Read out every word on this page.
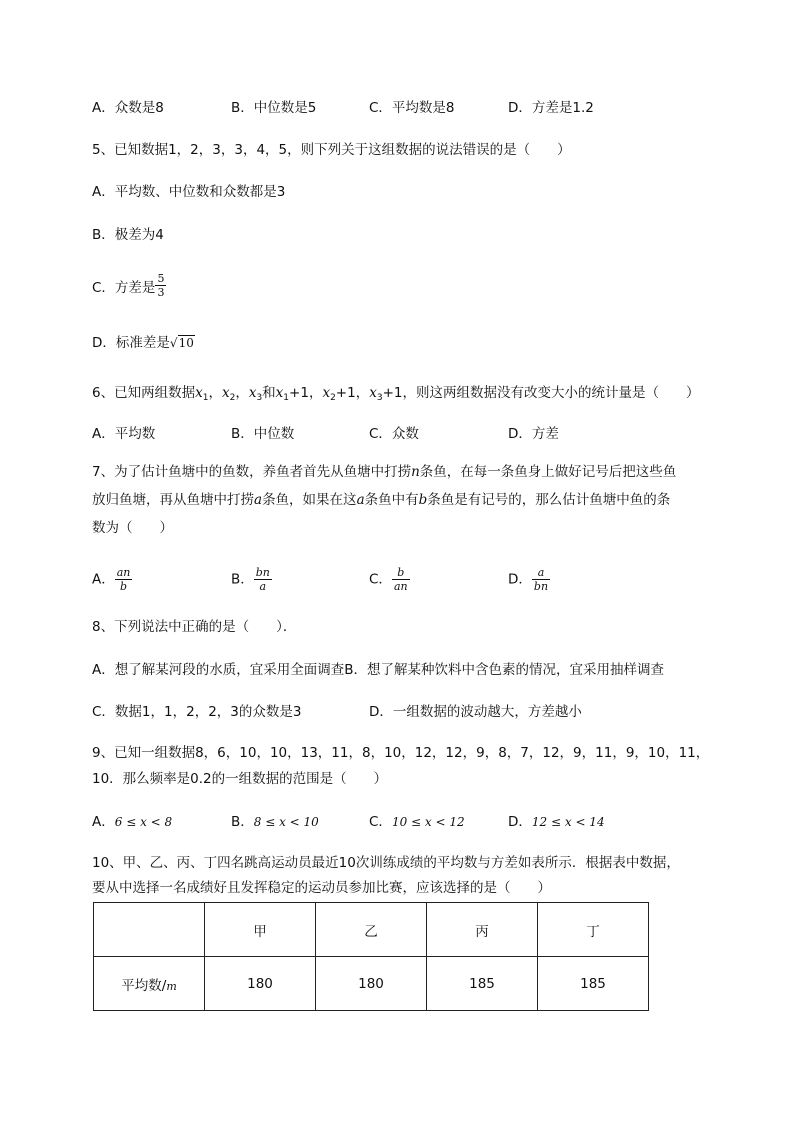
A．众数是8	B．中位数是5	C．平均数是8	D．方差是1.2
5、已知数据1，2，3，3，4，5，则下列关于这组数据的说法错误的是（　　）
A．平均数、中位数和众数都是3
B．极差为4
C．方差是 $\frac{5}{3}$
D．标准差是√10
6、已知两组数据$x_1$，$x_2$，$x_3$和$x_1+1$，$x_2+1$，$x_3+1$，则这两组数据没有改变大小的统计量是（　　）
A．平均数	B．中位数	C．众数	D．方差
7、为了估计鱼塘中的鱼数，养鱼者首先从鱼塘中打捞n条鱼，在每一条鱼身上做好记号后把这些鱼
放归鱼塘，再从鱼塘中打捞a条鱼，如果在这a条鱼中有b条鱼是有记号的，那么估计鱼塘中鱼的条
数为（　　）
A． $\frac{an}{b}$	B． $\frac{bn}{a}$	C． $\frac{b}{an}$	D． $\frac{a}{bn}$
8、下列说法中正确的是（　　）．
A．想了解某河段的水质，宜采用全面调查B．想了解某种饮料中含色素的情况，宜采用抽样调查
C．数据1，1，2，2，3的众数是3	D．一组数据的波动越大，方差越小
9、已知一组数据8，6，10，10，13，11，8，10，12，12，9，8，7，12，9，11，9，10，11，
10．那么频率是0.2的一组数据的范围是（　　）
A．6 ≤ x < 8	B．8 ≤ x < 10	C．10 ≤ x < 12	D．12 ≤ x < 14
10、甲、乙、丙、丁四名跳高运动员最近10次训练成绩的平均数与方差如表所示．根据表中数据，
要从中选择一名成绩好且发挥稳定的运动员参加比赛，应该选择的是（　　）
	甲	乙	丙	丁
平均数/m	180	180	185	185
